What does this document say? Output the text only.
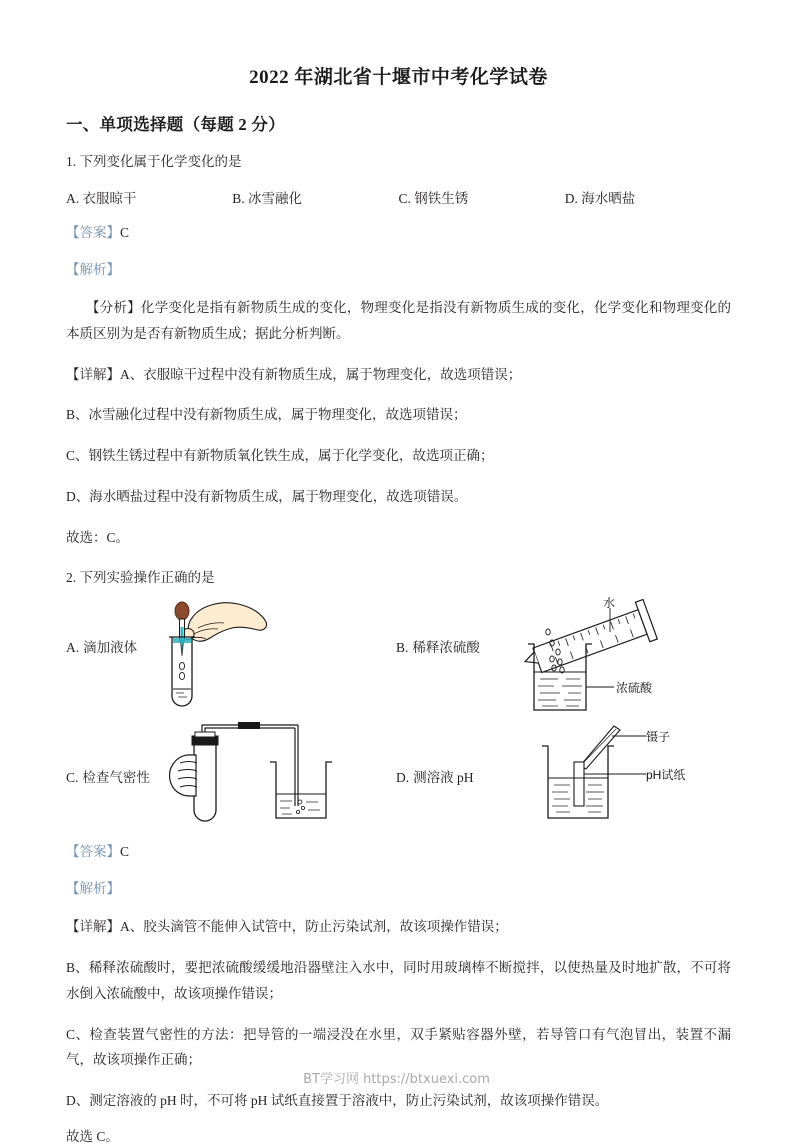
2022 年湖北省十堰市中考化学试卷
一、单项选择题（每题 2 分）
1. 下列变化属于化学变化的是
A. 衣服晾干	B. 冰雪融化	C. 钢铁生锈	D. 海水晒盐
【答案】C
【解析】
【分析】化学变化是指有新物质生成的变化，物理变化是指没有新物质生成的变化，化学变化和物理变化的本质区别为是否有新物质生成；据此分析判断。
【详解】A、衣服晾干过程中没有新物质生成，属于物理变化，故选项错误；
B、冰雪融化过程中没有新物质生成，属于物理变化，故选项错误；
C、钢铁生锈过程中有新物质氧化铁生成，属于化学变化，故选项正确；
D、海水晒盐过程中没有新物质生成，属于物理变化，故选项错误。
故选：C。
2. 下列实验操作正确的是
A. 滴加液体	B. 稀释浓硫酸
水
浓硫酸
C. 检查气密性	D. 测溶液 pH
镊子
pH试纸
【答案】C
【解析】
【详解】A、胶头滴管不能伸入试管中，防止污染试剂，故该项操作错误；
B、稀释浓硫酸时，要把浓硫酸缓缓地沿器壁注入水中，同时用玻璃棒不断搅拌，以使热量及时地扩散，不可将水倒入浓硫酸中，故该项操作错误；
C、检查装置气密性的方法：把导管的一端浸没在水里，双手紧贴容器外壁，若导管口有气泡冒出，装置不漏气，故该项操作正确；
D、测定溶液的 pH 时，不可将 pH 试纸直接置于溶液中，防止污染试剂，故该项操作错误。
故选 C。
BT学习网 https://btxuexi.com
